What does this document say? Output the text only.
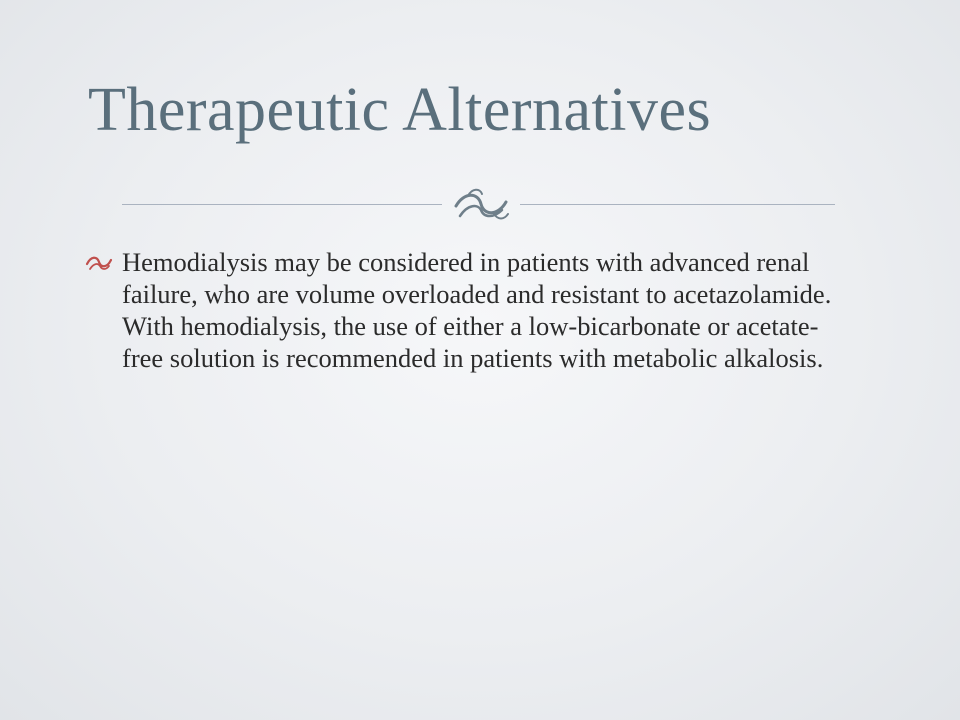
Therapeutic Alternatives

Hemodialysis may be considered in patients with advanced renal failure, who are volume overloaded and resistant to acetazolamide. With hemodialysis, the use of either a low-bicarbonate or acetate-free solution is recommended in patients with metabolic alkalosis.
